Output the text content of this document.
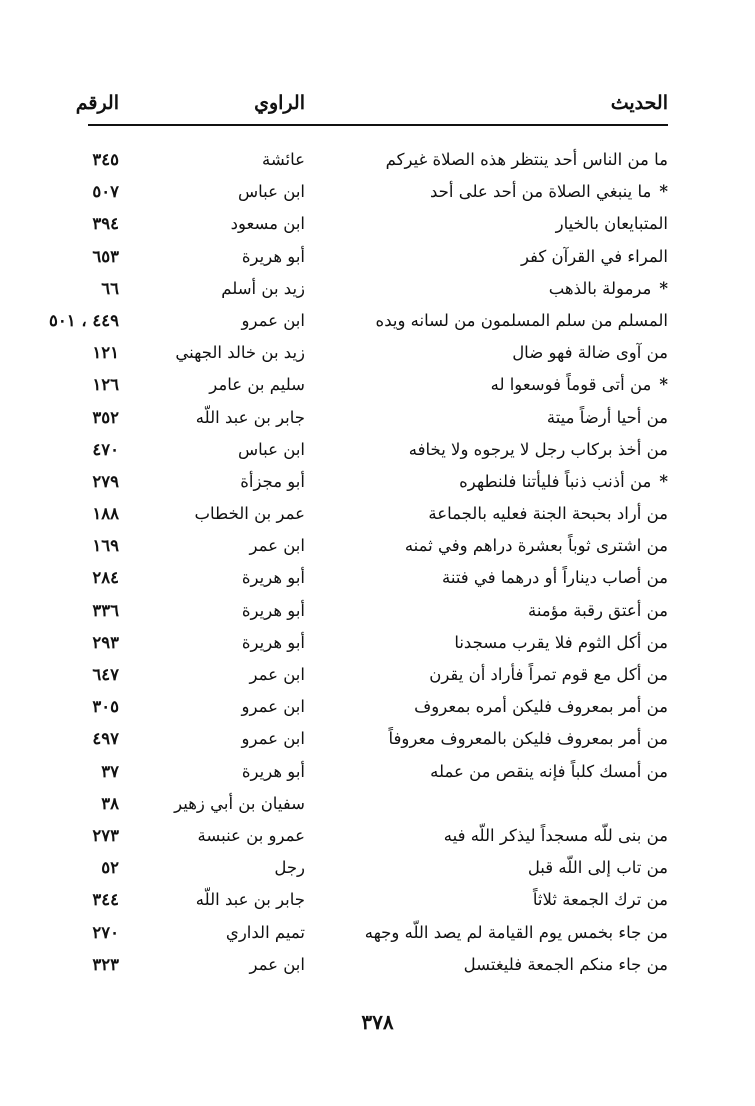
الحديث
الراوي
الرقم
ما من الناس أحد ينتظر هذه الصلاة غيركم
عائشة
٣٤٥
*ما ينبغي الصلاة من أحد على أحد
ابن عباس
٥٠٧
المتبايعان بالخيار
ابن مسعود
٣٩٤
المراء في القرآن كفر
أبو هريرة
٦٥٣
*مرمولة بالذهب
زيد بن أسلم
٦٦
المسلم من سلم المسلمون من لسانه ويده
ابن عمرو
٤٤٩ ، ٥٠١
من آوى ضالة فهو ضال
زيد بن خالد الجهني
١٢١
*من أتى قوماً فوسعوا له
سليم بن عامر
١٢٦
من أحيا أرضاً ميتة
جابر بن عبد اللّه
٣٥٢
من أخذ بركاب رجل لا يرجوه ولا يخافه
ابن عباس
٤٧٠
*من أذنب ذنباً فليأتنا فلنطهره
أبو مجزأة
٢٧٩
من أراد بحبحة الجنة فعليه بالجماعة
عمر بن الخطاب
١٨٨
من اشترى ثوباً بعشرة دراهم وفي ثمنه
ابن عمر
١٦٩
من أصاب ديناراً أو درهما في فتنة
أبو هريرة
٢٨٤
من أعتق رقبة مؤمنة
أبو هريرة
٣٣٦
من أكل الثوم فلا يقرب مسجدنا
أبو هريرة
٢٩٣
من أكل مع قوم تمراً فأراد أن يقرن
ابن عمر
٦٤٧
من أمر بمعروف فليكن أمره بمعروف
ابن عمرو
٣٠٥
من أمر بمعروف فليكن بالمعروف معروفاً
ابن عمرو
٤٩٧
من أمسك كلباً فإنه ينقص من عمله
أبو هريرة
٣٧
سفيان بن أبي زهير
٣٨
من بنى للّه مسجداً ليذكر اللّه فيه
عمرو بن عنبسة
٢٧٣
من تاب إلى اللّه قبل
رجل
٥٢
من ترك الجمعة ثلاثاً
جابر بن عبد اللّه
٣٤٤
من جاء بخمس يوم القيامة لم يصد اللّه وجهه
تميم الداري
٢٧٠
من جاء منكم الجمعة فليغتسل
ابن عمر
٣٢٣
٣٧٨
